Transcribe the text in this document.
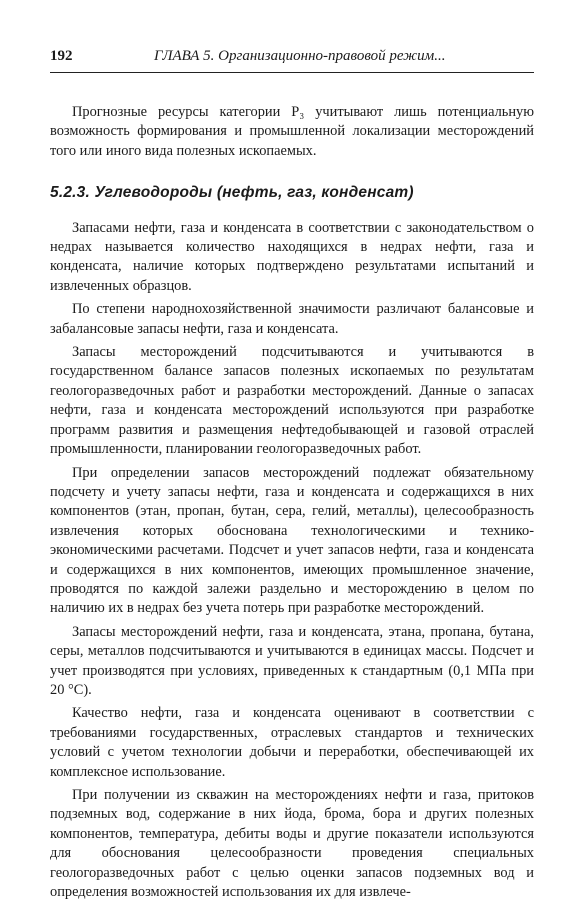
192	ГЛАВА 5. Организационно-правовой режим...

Прогнозные ресурсы категории Р₃ учитывают лишь потенциальную возможность формирования и промышленной локализации месторождений того или иного вида полезных ископаемых.

5.2.3. Углеводороды (нефть, газ, конденсат)

Запасами нефти, газа и конденсата в соответствии с законодательством о недрах называется количество находящихся в недрах нефти, газа и конденсата, наличие которых подтверждено результатами испытаний и извлеченных образцов.

По степени народнохозяйственной значимости различают балансовые и забалансовые запасы нефти, газа и конденсата.

Запасы месторождений подсчитываются и учитываются в государственном балансе запасов полезных ископаемых по результатам геологоразведочных работ и разработки месторождений. Данные о запасах нефти, газа и конденсата месторождений используются при разработке программ развития и размещения нефтедобывающей и газовой отраслей промышленности, планировании геологоразведочных работ.

При определении запасов месторождений подлежат обязательному подсчету и учету запасы нефти, газа и конденсата и содержащихся в них компонентов (этан, пропан, бутан, сера, гелий, металлы), целесообразность извлечения которых обоснована технологическими и технико-экономическими расчетами. Подсчет и учет запасов нефти, газа и конденсата и содержащихся в них компонентов, имеющих промышленное значение, проводятся по каждой залежи раздельно и месторождению в целом по наличию их в недрах без учета потерь при разработке месторождений.

Запасы месторождений нефти, газа и конденсата, этана, пропана, бутана, серы, металлов подсчитываются и учитываются в единицах массы. Подсчет и учет производятся при условиях, приведенных к стандартным (0,1 МПа при 20 °С).

Качество нефти, газа и конденсата оценивают в соответствии с требованиями государственных, отраслевых стандартов и технических условий с учетом технологии добычи и переработки, обеспечивающей их комплексное использование.

При получении из скважин на месторождениях нефти и газа, притоков подземных вод, содержание в них йода, брома, бора и других полезных компонентов, температура, дебиты воды и другие показатели используются для обоснования целесообразности проведения специальных геологоразведочных работ с целью оценки запасов подземных вод и определения возможностей использования их для извлече-
